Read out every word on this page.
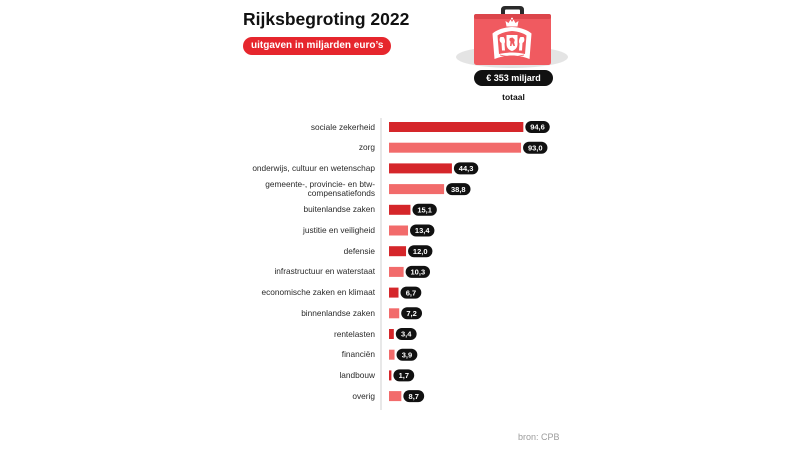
Rijksbegroting 2022
uitgaven in miljarden euro’s
€ 353 miljard
totaal
sociale zekerheid
zorg
onderwijs, cultuur en wetenschap
gemeente-, provincie- en btw-
compensatiefonds
buitenlandse zaken
justitie en veiligheid
defensie
infrastructuur en waterstaat
economische zaken en klimaat
binnenlandse zaken
rentelasten
financiën
landbouw
overig
94,6
93,0
44,3
38,8
15,1
13,4
12,0
10,3
6,7
7,2
3,4
3,9
1,7
8,7
bron: CPB
